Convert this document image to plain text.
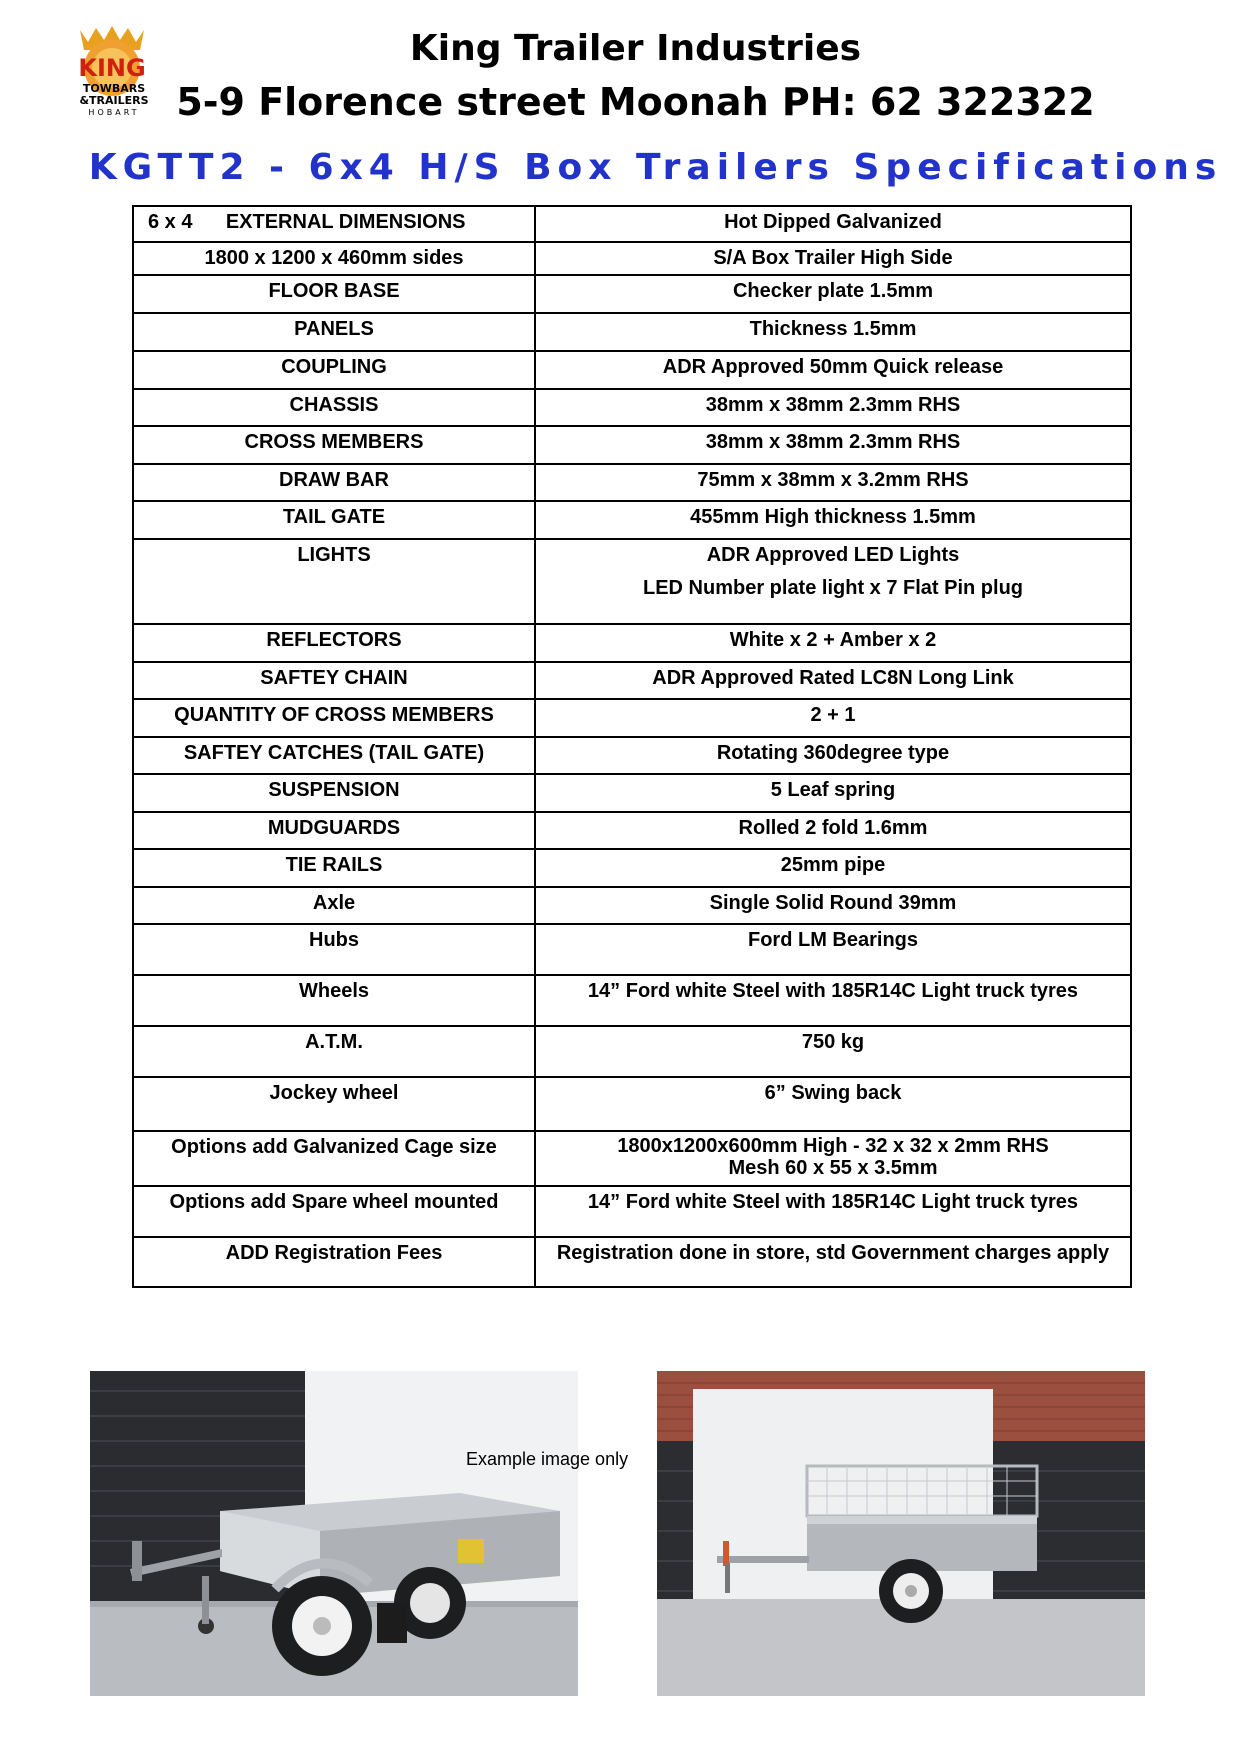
KING
TOWBARS
&TRAILERS
HOBART
King Trailer Industries
5-9 Florence street Moonah PH: 62 322322
KGTT2 - 6x4 H/S Box Trailers Specifications
6 x 4      EXTERNAL DIMENSIONS	Hot Dipped Galvanized
1800 x 1200 x 460mm sides	S/A Box Trailer High Side
FLOOR BASE	Checker plate 1.5mm
PANELS	Thickness 1.5mm
COUPLING	ADR Approved 50mm Quick release
CHASSIS	38mm x 38mm 2.3mm RHS
CROSS MEMBERS	38mm x 38mm 2.3mm RHS
DRAW BAR	75mm x 38mm x 3.2mm RHS
TAIL GATE	455mm High thickness 1.5mm
LIGHTS	ADR Approved LED Lights
LED Number plate light x 7 Flat Pin plug

REFLECTORS	White x 2 + Amber x 2
SAFTEY CHAIN	ADR Approved Rated LC8N Long Link
QUANTITY OF CROSS MEMBERS	2 + 1
SAFTEY CATCHES (TAIL GATE)	Rotating 360degree type
SUSPENSION	5 Leaf spring
MUDGUARDS	Rolled 2 fold 1.6mm
TIE RAILS	25mm pipe
Axle	Single Solid Round 39mm
Hubs	Ford LM Bearings
Wheels	14” Ford white Steel with 185R14C Light truck tyres
A.T.M.	750 kg
Jockey wheel	6” Swing back
Options add Galvanized Cage size	1800x1200x600mm High - 32 x 32 x 2mm RHS
Mesh 60 x 55 x 3.5mm

Options add Spare wheel mounted	14” Ford white Steel with 185R14C Light truck tyres
ADD Registration Fees	Registration done in store, std Government charges apply
Example image only
